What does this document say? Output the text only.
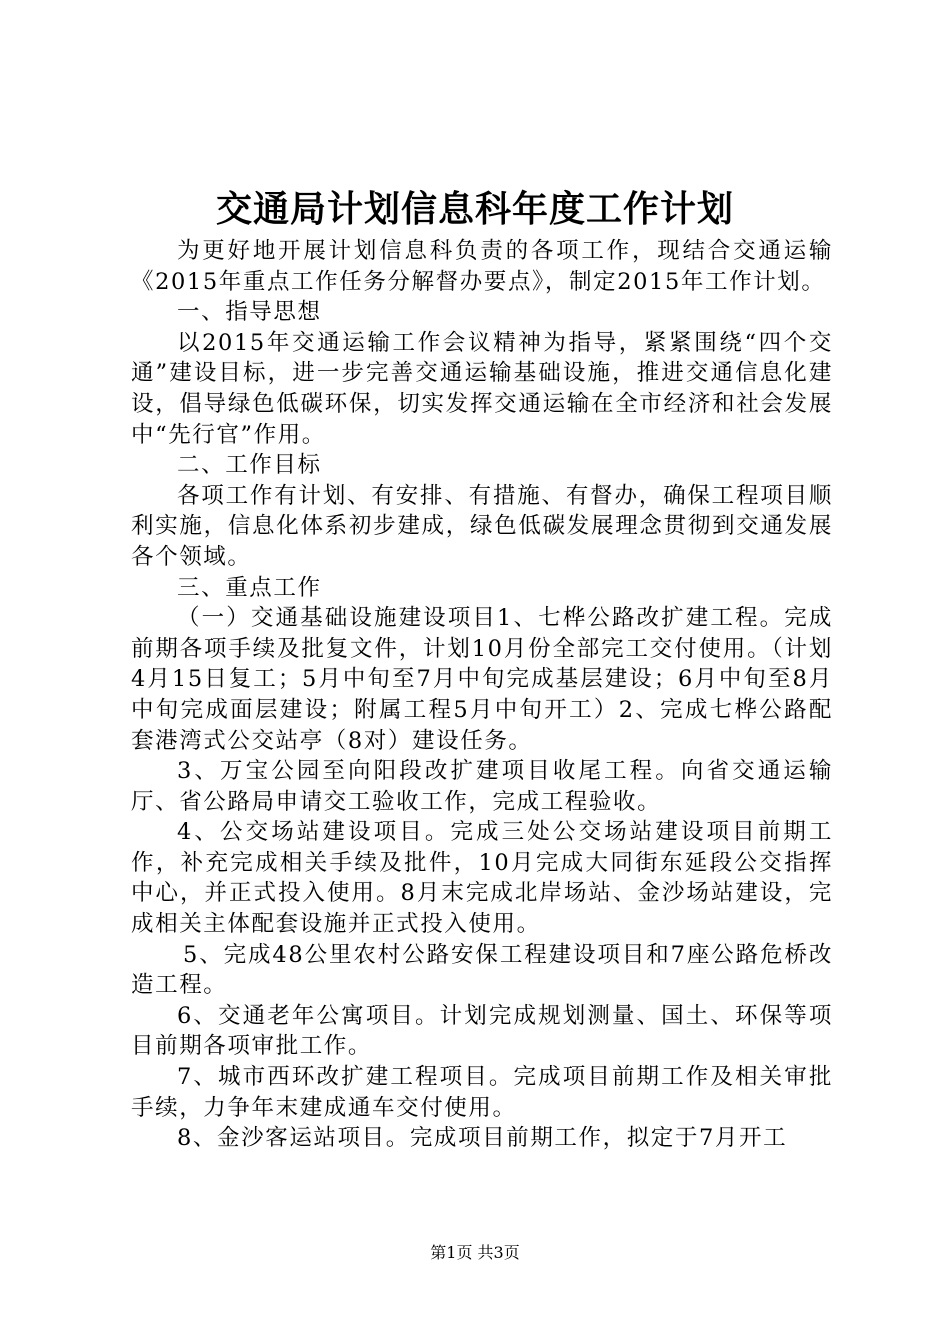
交通局计划信息科年度工作计划

为更好地开展计划信息科负责的各项工作，现结合交通运输《2015年重点工作任务分解督办要点》，制定2015年工作计划。

一、指导思想

以2015年交通运输工作会议精神为指导，紧紧围绕“四个交通”建设目标，进一步完善交通运输基础设施，推进交通信息化建设，倡导绿色低碳环保，切实发挥交通运输在全市经济和社会发展中“先行官”作用。

二、工作目标

各项工作有计划、有安排、有措施、有督办，确保工程项目顺利实施，信息化体系初步建成，绿色低碳发展理念贯彻到交通发展各个领域。

三、重点工作

（一）交通基础设施建设项目1、七桦公路改扩建工程。完成前期各项手续及批复文件，计划10月份全部完工交付使用。（计划4月15日复工；5月中旬至7月中旬完成基层建设；6月中旬至8月中旬完成面层建设；附属工程5月中旬开工）2、完成七桦公路配套港湾式公交站亭（8对）建设任务。

3、万宝公园至向阳段改扩建项目收尾工程。向省交通运输厅、省公路局申请交工验收工作，完成工程验收。

4、公交场站建设项目。完成三处公交场站建设项目前期工作，补充完成相关手续及批件，10月完成大同街东延段公交指挥中心，并正式投入使用。8月末完成北岸场站、金沙场站建设，完成相关主体配套设施并正式投入使用。

5、完成48公里农村公路安保工程建设项目和7座公路危桥改造工程。

6、交通老年公寓项目。计划完成规划测量、国土、环保等项目前期各项审批工作。

7、城市西环改扩建工程项目。完成项目前期工作及相关审批手续，力争年末建成通车交付使用。

8、金沙客运站项目。完成项目前期工作，拟定于7月开工

第1页 共3页
